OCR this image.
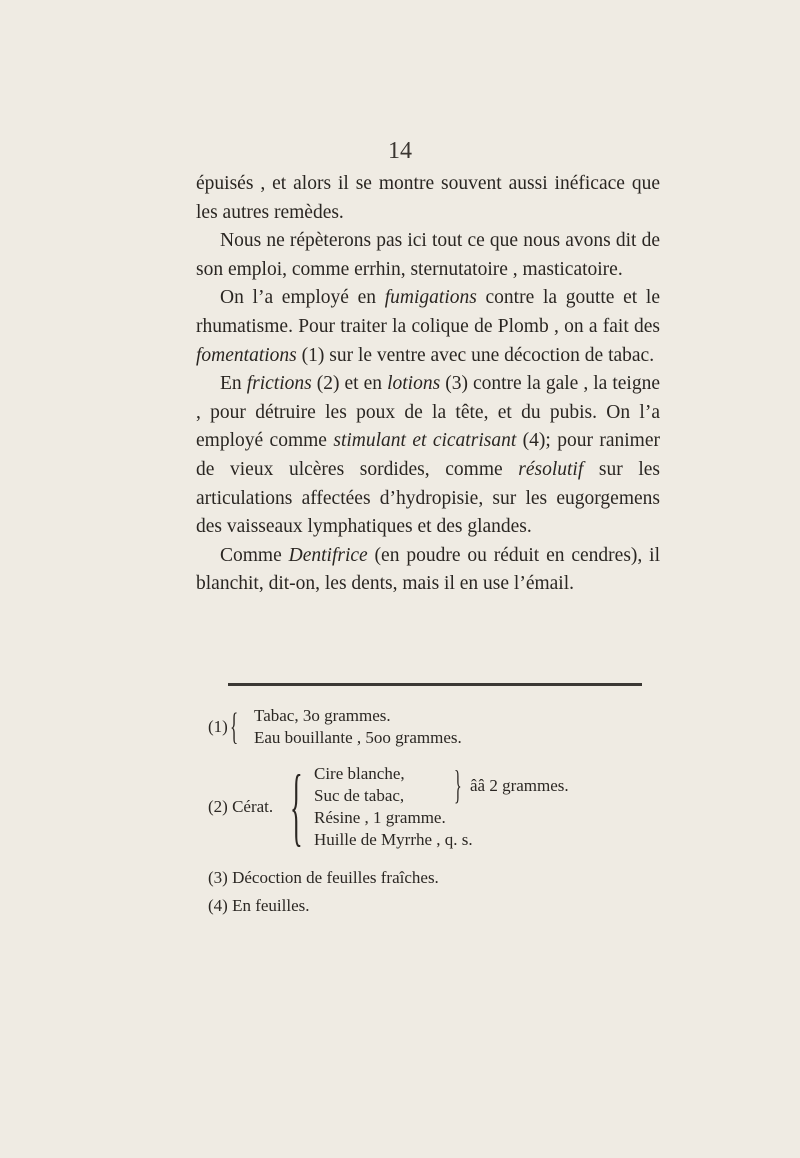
14

épuisés , et alors il se montre souvent aussi inéficace que les autres remèdes.

Nous ne répèterons pas ici tout ce que nous avons dit de son emploi, comme errhin, sternutatoire , masticatoire.

On l’a employé en fumigations contre la goutte et le rhumatisme. Pour traiter la colique de Plomb , on a fait des fomentations (1) sur le ventre avec une décoction de tabac.

En frictions (2) et en lotions (3) contre la gale , la teigne , pour détruire les poux de la tête, et du pubis. On l’a employé comme stimulant et cicatrisant (4); pour ranimer de vieux ulcères sordides, comme résolutif sur les articulations affectées d’hydropisie, sur les eugorgemens des vaisseaux lymphatiques et des glandes.

Comme Dentifrice (en poudre ou réduit en cendres), il blanchit, dit-on, les dents, mais il en use l’émail.

(1) { Tabac, 3o grammes.
Eau bouillante , 5oo grammes.
(2) Cérat. { Cire blanche,
Suc de tabac,
Résine , 1 gramme.
Huille de Myrrhe , q. s.
} ââ 2 grammes.
(3) Décoction de feuilles fraîches.
(4) En feuilles.
